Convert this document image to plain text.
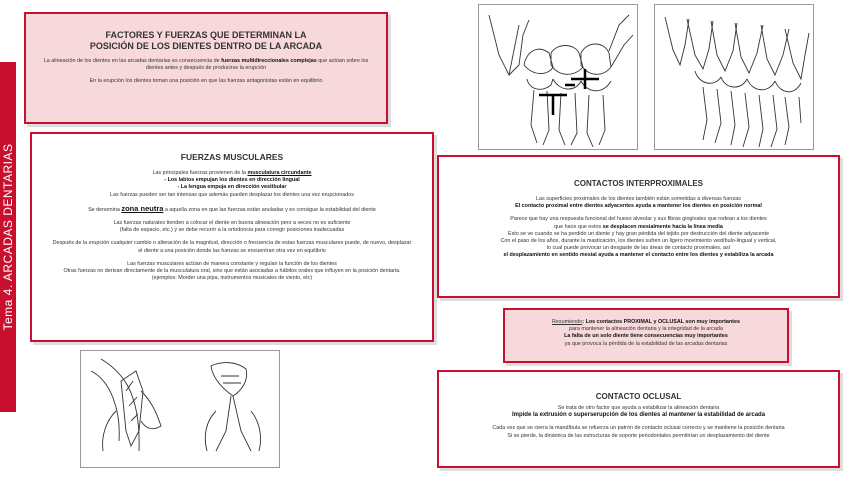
Tema 4. ARCADAS DENTARIAS
FACTORES Y FUERZAS QUE DETERMINAN LA
POSICIÓN DE LOS DIENTES DENTRO DE LA ARCADA

La alineación de los dientes en las arcadas dentarias es consecuencia de fuerzas multidireccionales complejas que actúan sobre los dientes antes y después de producirse la erupción

En la erupción los dientes toman una posición en que las fuerzas antagonistas están en equilibrio

FUERZAS MUSCULARES

Las principales fuerzas provienen de la musculatura circundante

- Los labios empujan los dientes en dirección lingual

- La lengua empuja en dirección vestibular

Las fuerzas pueden ser tan intensas que además pueden desplazar los dientes una vez erupcionados

Se denomina zona neutra a aquella zona en que las fuerzas están anuladas y es consigue la estabilidad del diente

Las fuerzas naturales tienden a colocar el diente en buena alineación pero a veces no es suficiente

(falta de espacio, etc.) y se debe recurrir a la ortodoncia para corregir posiciones inadecuadas

Después de la erupción cualquier cambio o alteración de la magnitud, dirección o frecuencia de estas fuerzas musculares puede, de nuevo, desplazar el diente a una posición donde las fuerzas se encuentran otra vez en equilibrio

Las fuerzas musculares actúan de manera constante y regulan la función de los dientes

Otras fuerzas no derivan directamente de la musculatura oral, sino que están asociadas a hábitos orales que influyen en la posición dentaria. (ejemplos: Morder una pipa, instrumentos musicales de viento, etc)

CONTACTOS INTERPROXIMALES

Las superficies proximales de los dientes también están sometidas a diversas fuerzas

El contacto proximal entre dientes adyacentes ayuda a mantener los dientes en posición normal

Parece que hay una respuesta funcional del hueso alveolar y sus fibras gingivales que rodean a los dientes

que hace que estos se desplacen mesialmente hacia la línea media

Esto se ve cuando se ha perdido un diente y hay gran pérdida del tejido por destrucción del diente adyacente

Con el paso de los años, durante la masticación, los dientes sufren un ligero movimiento vestíbulo-lingual y vertical,

lo cual puede provocar un desgaste de las áreas de contacto proximales, así

el desplazamiento en sentido mesial ayuda a mantener el contacto entre los dientes y estabiliza la arcada

Resumiendo: Los contactos PROXIMAL y OCLUSAL son muy importantes

para mantener la alineación dentaria y la integridad de la arcada

La falta de un solo diente tiene consecuencias muy importantes

ya que provoca la pérdida de la estabilidad de las arcadas dentarias

CONTACTO OCLUSAL

Se trata de otro factor que ayuda a estabilizar la alineación dentaria

Impide la extrusión o superserupción de los dientes al mantener la estabilidad de arcada

Cada vez que se cierra la mandíbula se refuerza un patrón de contacto oclusal correcto y se mantiene la posición dentaria

Si se pierde, la dinámica de las estructuras de soporte periodontales permitirían un desplazamiento del diente
